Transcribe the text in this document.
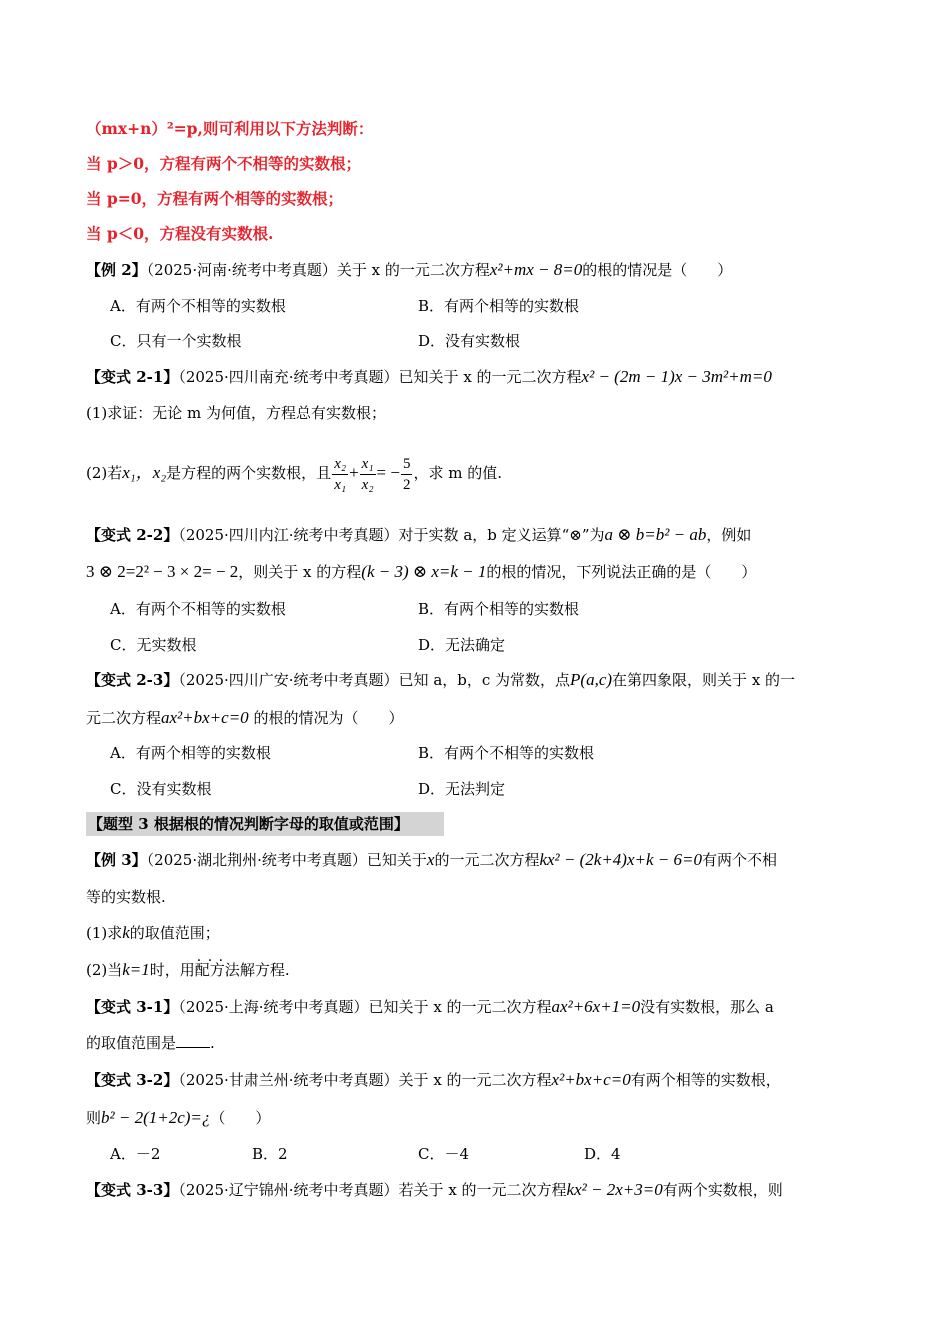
（mx+n）²=p,则可利用以下方法判断：
当 p＞0，方程有两个不相等的实数根；
当 p=0，方程有两个相等的实数根；
当 p＜0，方程没有实数根.
【例 2】（2025·河南·统考中考真题）关于 x 的一元二次方程x²+mx − 8=0的根的情况是（　　）
A．有两个不相等的实数根	B．有两个相等的实数根
C．只有一个实数根	D．没有实数根
【变式 2-1】（2025·四川南充·统考中考真题）已知关于 x 的一元二次方程x² − (2m − 1)x − 3m²+m=0
(1)求证：无论 m 为何值，方程总有实数根；
(2)若x₁，x₂是方程的两个实数根，且 $\frac{\text{x₂}}{\text{x₁}} + \frac{\text{x₁}}{\text{x₂}}$ = − $\frac{5}{2}$ ，求 m 的值.
【变式 2-2】（2025·四川内江·统考中考真题）对于实数 a，b 定义运算“⊗”为a ⊗ b=b² − ab，例如
3 ⊗ 2=2² − 3 × 2= − 2，则关于 x 的方程(k − 3) ⊗ x=k − 1的根的情况，下列说法正确的是（　　）
A．有两个不相等的实数根	B．有两个相等的实数根
C．无实数根	D．无法确定
【变式 2-3】（2025·四川广安·统考中考真题）已知 a，b，c 为常数，点P(a,c)在第四象限，则关于 x 的一
元二次方程ax²+bx+c=0 的根的情况为（　　）
A．有两个相等的实数根	B．有两个不相等的实数根
C．没有实数根	D．无法判定
【题型 3 根据根的情况判断字母的取值或范围】
【例 3】（2025·湖北荆州·统考中考真题）已知关于x的一元二次方程kx² − (2k+4)x+k − 6=0有两个不相
等的实数根.
(1)求k的取值范围；
(2)当k=1时，用配方法 · · ·解方程.
【变式 3-1】（2025·上海·统考中考真题）已知关于 x 的一元二次方程ax²+6x+1=0没有实数根，那么 a
的取值范围是 .
【变式 3-2】（2025·甘肃兰州·统考中考真题）关于 x 的一元二次方程x²+bx+c=0有两个相等的实数根，
则b² − 2(1+2c)=¿（　　）
A．－2	B．2	C．－4	D．4
【变式 3-3】（2025·辽宁锦州·统考中考真题）若关于 x 的一元二次方程kx² − 2x+3=0有两个实数根，则
